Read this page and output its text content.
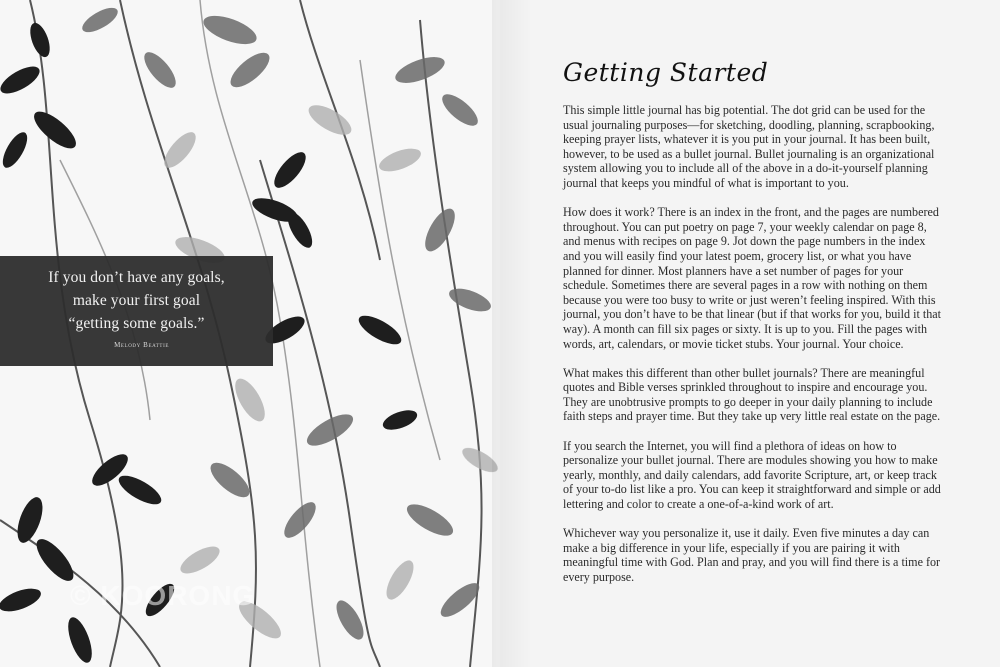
If you don’t have any goals,
make your first goal
“getting some goals.”
Melody Beattie
© KOORONG
Getting Started

This simple little journal has big potential. The dot grid can be used for the usual journaling purposes—for sketching, doodling, planning, scrapbooking, keeping prayer lists, whatever it is you put in your journal. It has been built, however, to be used as a bullet journal. Bullet journaling is an organizational system allowing you to include all of the above in a do-it-yourself planning journal that keeps you mindful of what is important to you.

How does it work? There is an index in the front, and the pages are numbered throughout. You can put poetry on page 7, your weekly calendar on page 8, and menus with recipes on page 9. Jot down the page numbers in the index and you will easily find your latest poem, grocery list, or what you have planned for dinner. Most planners have a set number of pages for your schedule. Sometimes there are several pages in a row with nothing on them because you were too busy to write or just weren’t feeling inspired. With this journal, you don’t have to be that linear (but if that works for you, build it that way). A month can fill six pages or sixty. It is up to you. Fill the pages with words, art, calendars, or movie ticket stubs. Your journal. Your choice.

What makes this different than other bullet journals? There are meaningful quotes and Bible verses sprinkled throughout to inspire and encourage you. They are unobtrusive prompts to go deeper in your daily planning to include faith steps and prayer time. But they take up very little real estate on the page.

If you search the Internet, you will find a plethora of ideas on how to personalize your bullet journal. There are modules showing you how to make yearly, monthly, and daily calendars, add favorite Scripture, art, or keep track of your to-do list like a pro. You can keep it straightforward and simple or add lettering and color to create a one-of-a-kind work of art.

Whichever way you personalize it, use it daily. Even five minutes a day can make a big difference in your life, especially if you are pairing it with meaningful time with God. Plan and pray, and you will find there is a time for every purpose.
